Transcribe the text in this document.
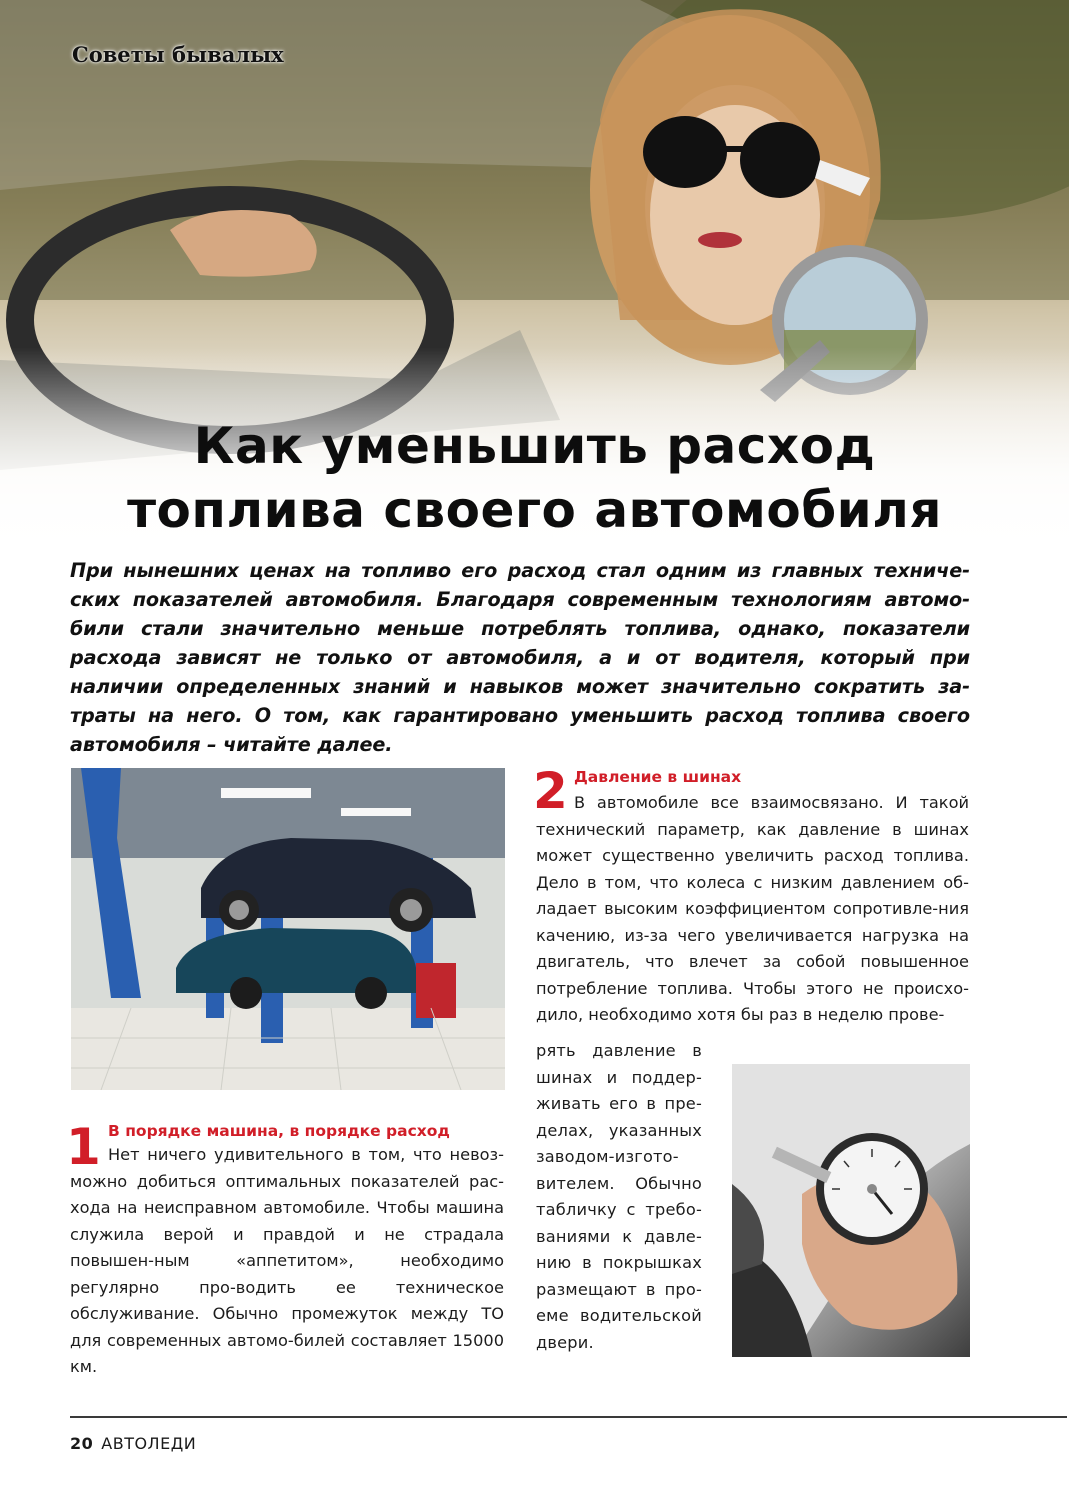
Советы бывалых
Как уменьшить расход
топлива своего автомобиля

При нынешних ценах на топливо его расход стал одним из главных техниче-ских показателей автомобиля. Благодаря современным технологиям автомо-били стали значительно меньше потреблять топлива, однако, показатели расхода зависят не только от автомобиля, а и от водителя, который при наличии определенных знаний и навыков может значительно сократить за-траты на него. О том, как гарантировано уменьшить расход топлива своего автомобиля – читайте далее.

1 В порядке машина, в порядке расход

Нет ничего удивительного в том, что невоз-можно добиться оптимальных показателей рас-хода на неисправном автомобиле. Чтобы машина служила верой и правдой и не страдала повышен-ным «аппетитом», необходимо регулярно про-водить ее техническое обслуживание. Обычно промежуток между ТО для современных автомо-билей составляет 15000 км.

2 Давление в шинах

В автомобиле все взаимосвязано. И такой технический параметр, как давление в шинах может существенно увеличить расход топлива. Дело в том, что колеса с низким давлением об-ладает высоким коэффициентом сопротивле-ния качению, из-за чего увеличивается нагрузка на двигатель, что влечет за собой повышенное потребление топлива. Чтобы этого не происхо-дило, необходимо хотя бы раз в неделю прове-

рять давление в шинах и поддер-живать его в пре-делах, указанных заводом-изгото-вителем. Обычно табличку с требо-ваниями к давле-нию в покрышках размещают в про-еме водительской двери.

20 АВТОЛЕДИ
